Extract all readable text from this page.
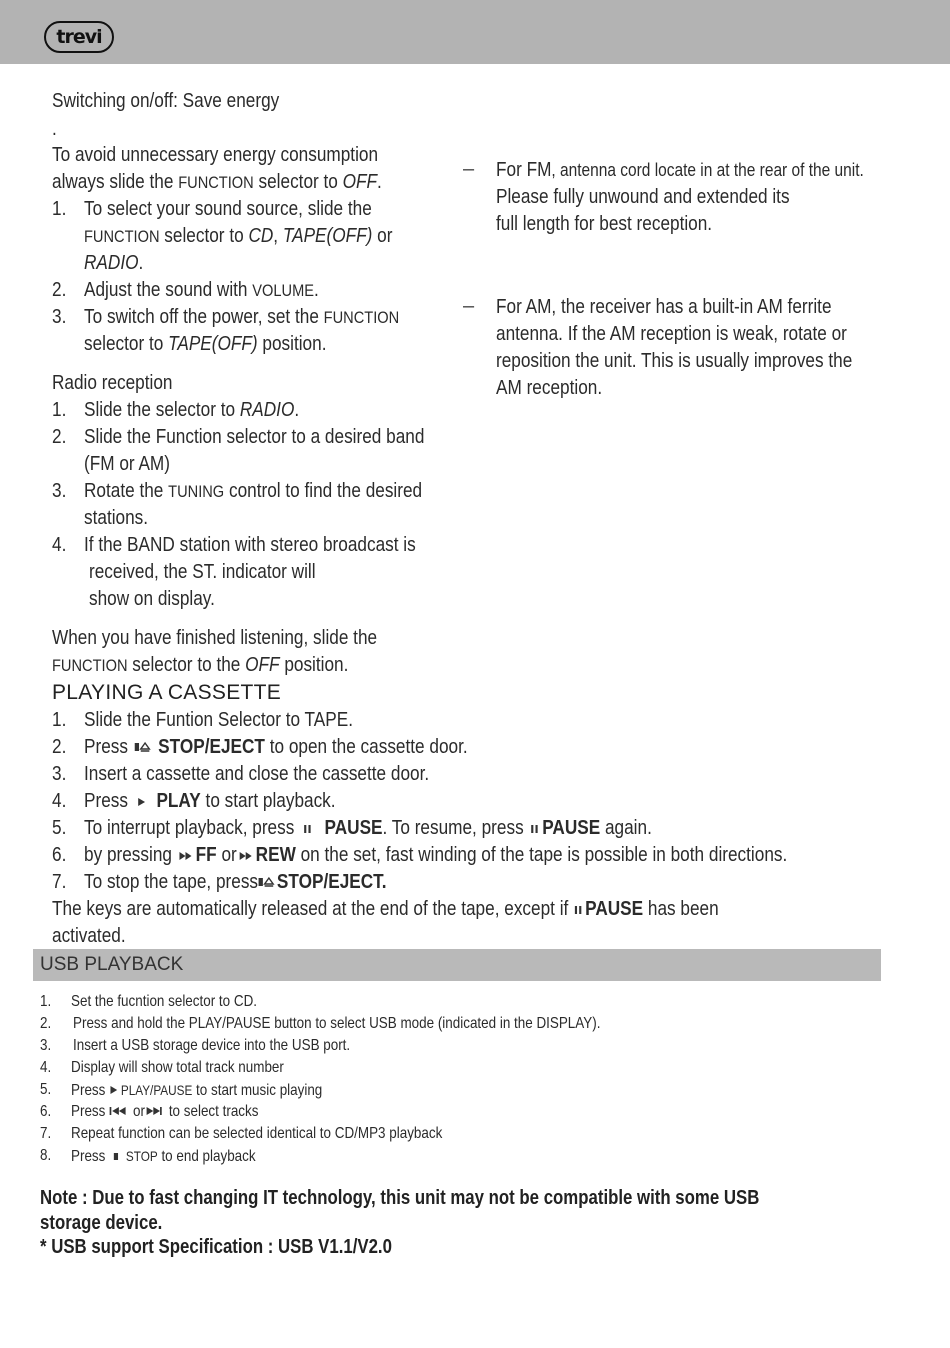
trevi
Switching on/off: Save energy
.
To avoid unnecessary energy consumption
always slide the FUNCTION selector to OFF.
1. To select your sound source, slide the
FUNCTION selector to CD, TAPE(OFF) or
RADIO.
2. Adjust the sound with VOLUME.
3. To switch off the power, set the FUNCTION
selector to TAPE(OFF) position.
Radio reception
1. Slide the selector to RADIO.
2. Slide the Function selector to a desired band
(FM or AM)
3. Rotate the TUNING control to find the desired
stations.
4. If the BAND station with stereo broadcast is
received, the ST. indicator will
show on display.
When you have finished listening, slide the
FUNCTION selector to the OFF position.
– For FM, antenna cord locate in at the rear of the unit.
Please fully unwound and extended its
full length for best reception.
– For AM, the receiver has a built-in AM ferrite
antenna. If the AM reception is weak, rotate or
reposition the unit. This is usually improves the
AM reception.
PLAYING A CASSETTE
1. Slide the Funtion Selector to TAPE.
2. Press  STOP/EJECT to open the cassette door.
3. Insert a cassette and close the cassette door.
4. Press  PLAY to start playback.
5. To interrupt playback, press  PAUSE. To resume, press PAUSE again.
6. by pressing FF or REW on the set, fast winding of the tape is possible in both directions.
7. To stop the tape, press STOP/EJECT.
The keys are automatically released at the end of the tape, except if PAUSE has been
activated.
USB PLAYBACK
1. Set the fucntion selector to CD.
2. Press and hold the PLAY/PAUSE button to select USB mode (indicated in the DISPLAY).
3. Insert a USB storage device into the USB port.
4. Display will show total track number
5. Press PLAY/PAUSE to start music playing
6. Press  or to select tracks
7. Repeat function can be selected identical to CD/MP3 playback
8. Press STOP to end playback
Note : Due to fast changing IT technology, this unit may not be compatible with some USB
storage device.
* USB support Specification : USB V1.1/V2.0
